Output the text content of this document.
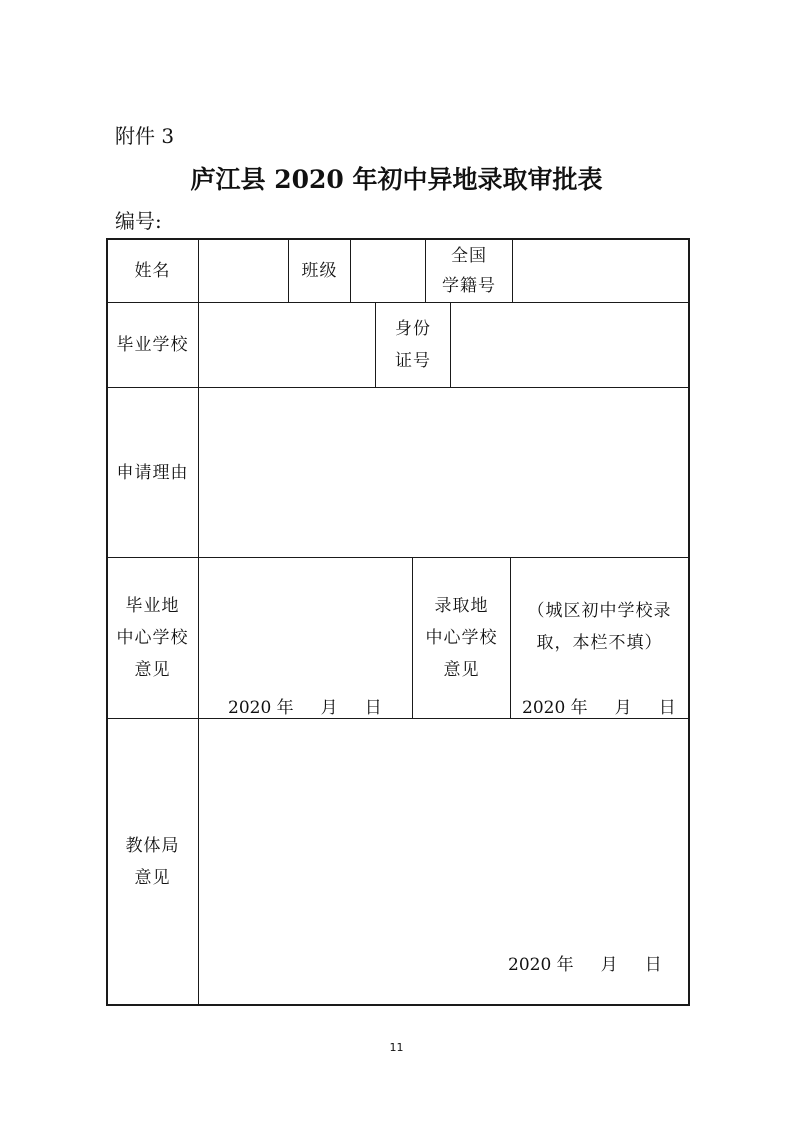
附件 3
庐江县 2020 年初中异地录取审批表
编号:
姓名	班级
全国
学籍号
毕业学校
身份
证号
申请理由
毕业地
中心学校
意见
2020 年     月     日
录取地
中心学校
意见
（城区初中学校录
取，本栏不填）
2020 年     月     日
教体局
意见
2020 年     月     日
11
